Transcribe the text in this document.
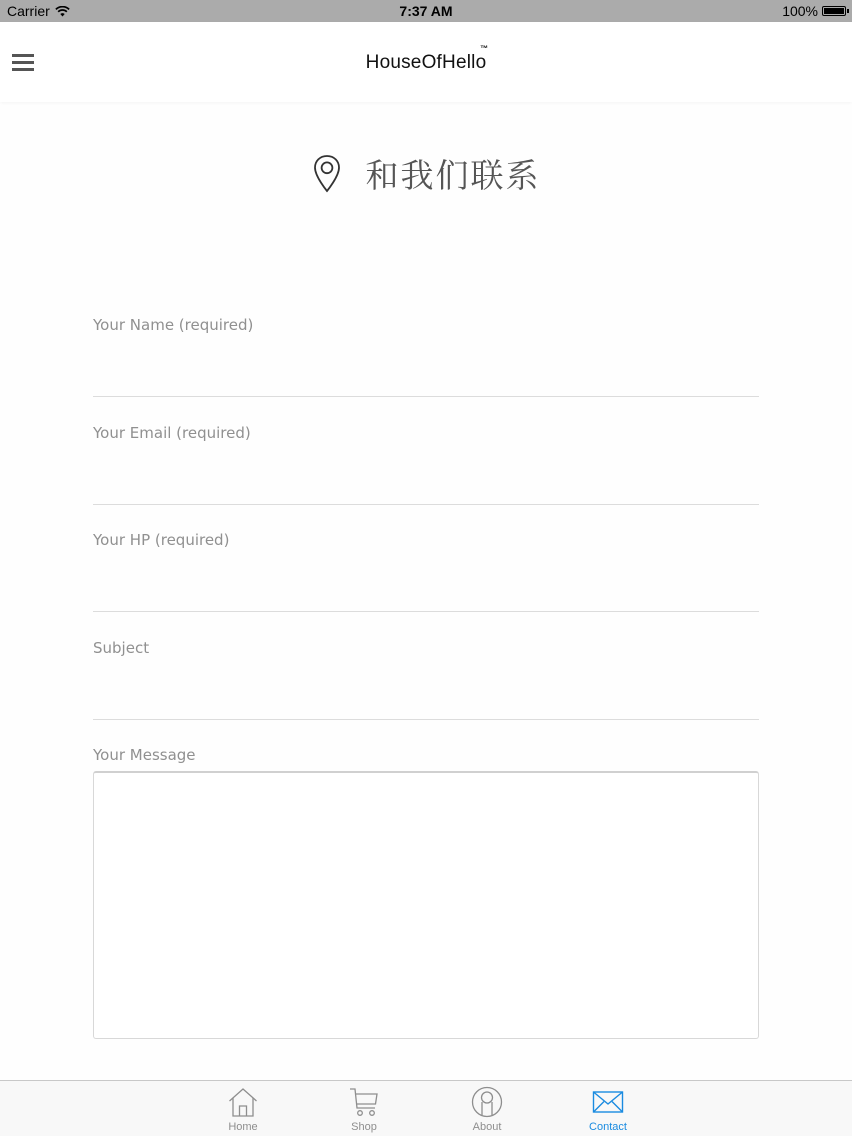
Carrier	7:37 AM	100%
HouseOfHello
™
和我们联系
Your Name (required)
Your Email (required)
Your HP (required)
Subject
Your Message
Home	Shop	About	Contact
